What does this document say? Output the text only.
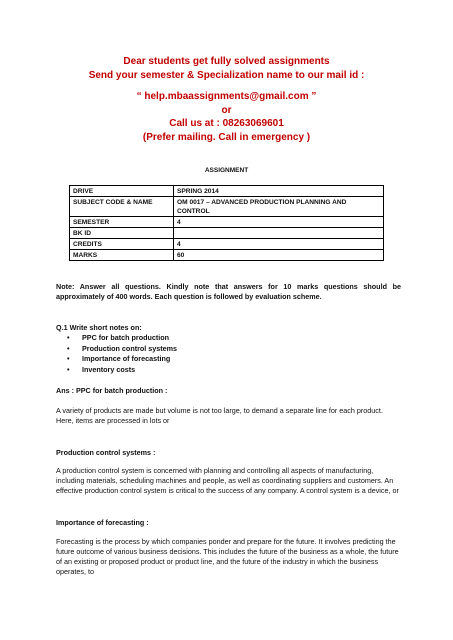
Dear students get fully solved assignments
Send your semester & Specialization name to our mail id :
“ help.mbaassignments@gmail.com ”
or
Call us at : 08263069601
(Prefer mailing. Call in emergency )
ASSIGNMENT
DRIVE	SPRING 2014
SUBJECT CODE & NAME	OM 0017 – ADVANCED PRODUCTION PLANNING AND CONTROL
SEMESTER	4
BK ID	
CREDITS	4
MARKS	60
Note: Answer all questions. Kindly note that answers for 10 marks questions should be approximately of 400 words. Each question is followed by evaluation scheme.
Q.1 Write short notes on:
• PPC for batch production
• Production control systems
• Importance of forecasting
• Inventory costs
Ans : PPC for batch production :
A variety of products are made but volume is not too large, to demand a separate line for each product. Here, items are processed in lots or
Production control systems :
A production control system is concerned with planning and controlling all aspects of manufacturing, including materials, scheduling machines and people, as well as coordinating suppliers and customers. An effective production control system is critical to the success of any company. A control system is a device, or
Importance of forecasting :
Forecasting is the process by which companies ponder and prepare for the future. It involves predicting the future outcome of various business decisions. This includes the future of the business as a whole, the future of an existing or proposed product or product line, and the future of the industry in which the business operates, to
